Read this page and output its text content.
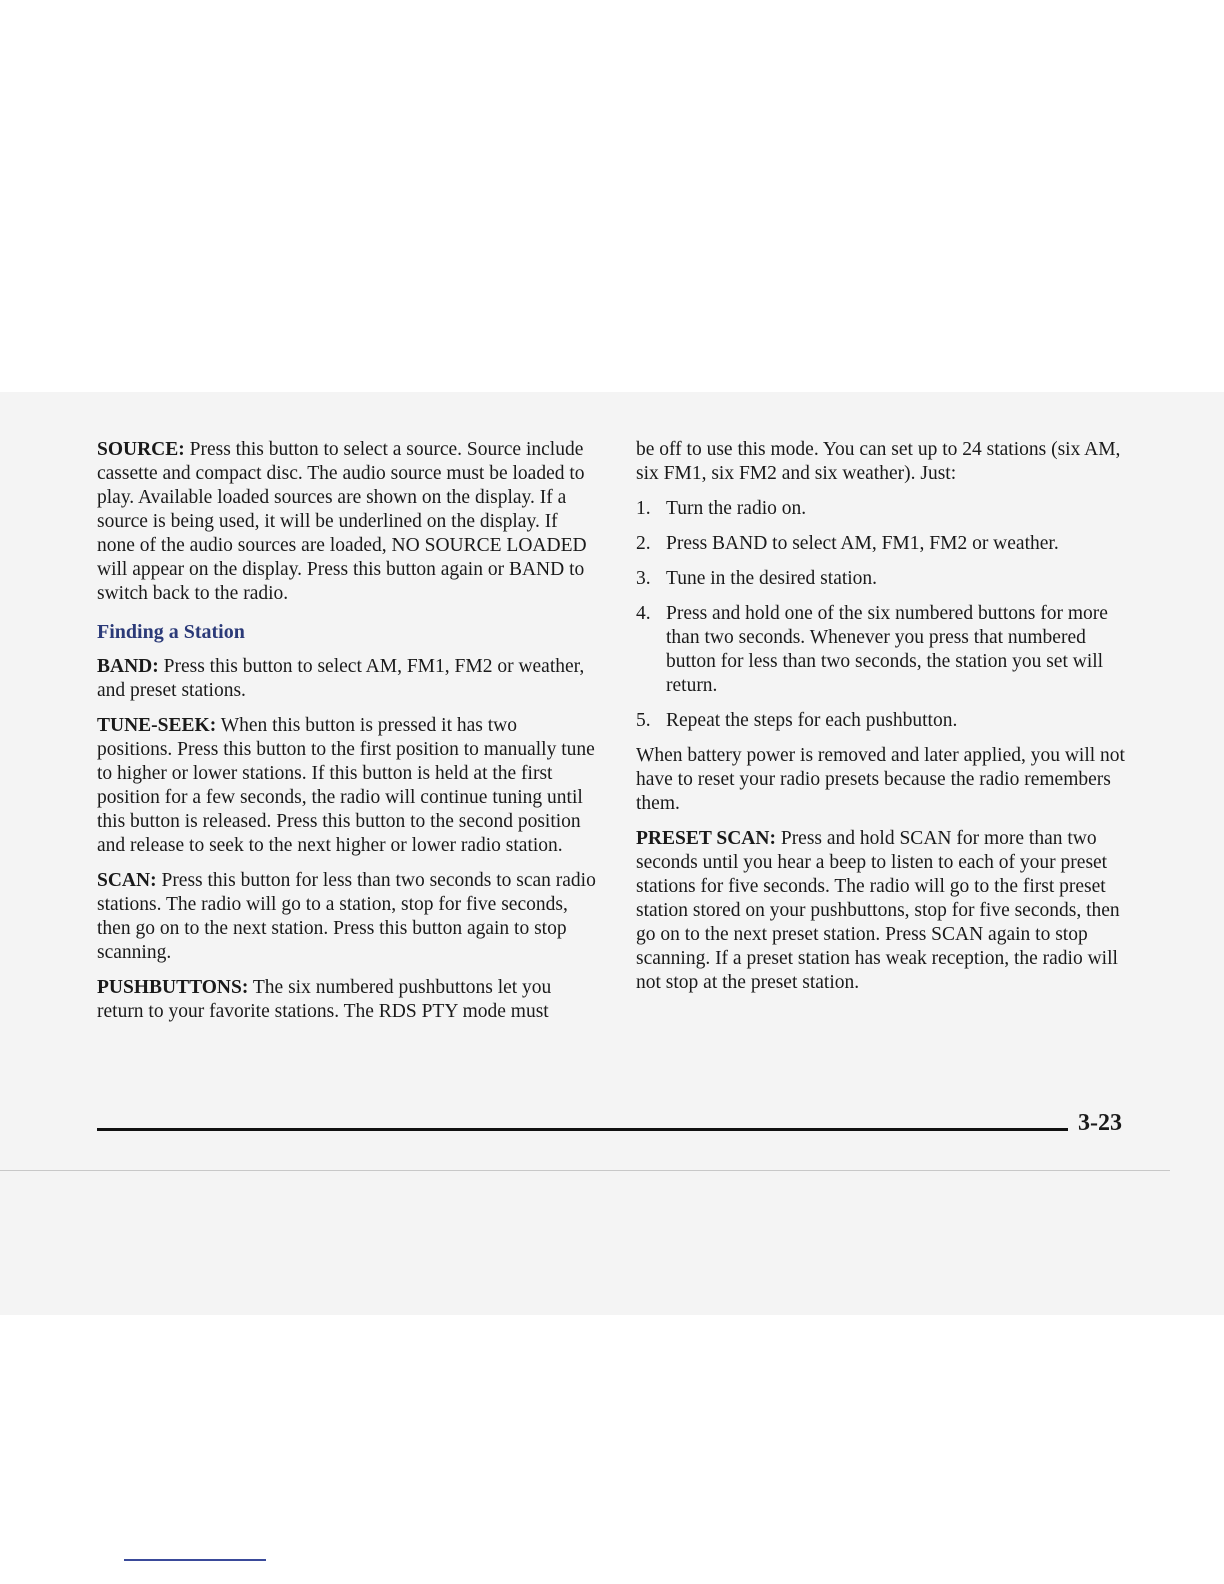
SOURCE: Press this button to select a source. Source include cassette and compact disc. The audio source must be loaded to play. Available loaded sources are shown on the display. If a source is being used, it will be underlined on the display. If none of the audio sources are loaded, NO SOURCE LOADED will appear on the display. Press this button again or BAND to switch back to the radio.

Finding a Station

BAND: Press this button to select AM, FM1, FM2 or weather, and preset stations.

TUNE-SEEK: When this button is pressed it has two positions. Press this button to the first position to manually tune to higher or lower stations. If this button is held at the first position for a few seconds, the radio will continue tuning until this button is released. Press this button to the second position and release to seek to the next higher or lower radio station.

SCAN: Press this button for less than two seconds to scan radio stations. The radio will go to a station, stop for five seconds, then go on to the next station. Press this button again to stop scanning.

PUSHBUTTONS: The six numbered pushbuttons let you return to your favorite stations. The RDS PTY mode must

be off to use this mode. You can set up to 24 stations (six AM, six FM1, six FM2 and six weather). Just:

1. Turn the radio on.
2. Press BAND to select AM, FM1, FM2 or weather.
3. Tune in the desired station.
4. Press and hold one of the six numbered buttons for more than two seconds. Whenever you press that numbered button for less than two seconds, the station you set will return.
5. Repeat the steps for each pushbutton.

When battery power is removed and later applied, you will not have to reset your radio presets because the radio remembers them.

PRESET SCAN: Press and hold SCAN for more than two seconds until you hear a beep to listen to each of your preset stations for five seconds. The radio will go to the first preset station stored on your pushbuttons, stop for five seconds, then go on to the next preset station. Press SCAN again to stop scanning. If a preset station has weak reception, the radio will not stop at the preset station.

3-23
